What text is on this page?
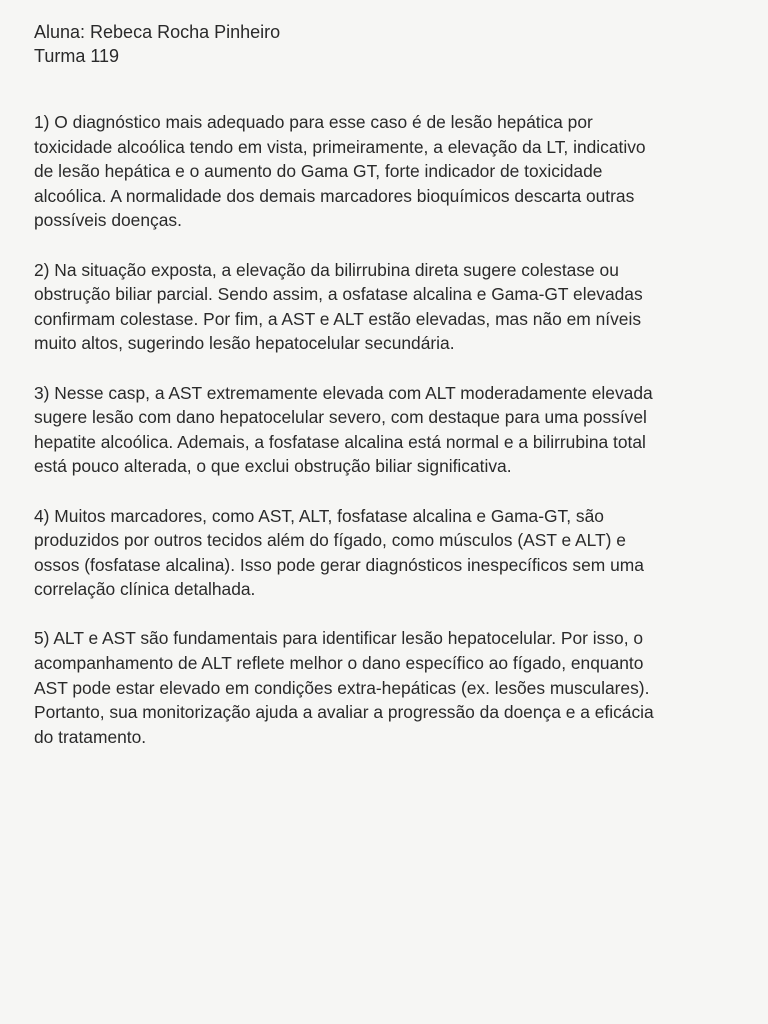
Aluna: Rebeca Rocha Pinheiro
Turma 119

1) O diagnóstico mais adequado para esse caso é de lesão hepática por
toxicidade alcoólica tendo em vista, primeiramente, a elevação da LT, indicativo
de lesão hepática e o aumento do Gama GT, forte indicador de toxicidade
alcoólica. A normalidade dos demais marcadores bioquímicos descarta outras
possíveis doenças.

2) Na situação exposta, a elevação da bilirrubina direta sugere colestase ou
obstrução biliar parcial. Sendo assim, a osfatase alcalina e Gama-GT elevadas
confirmam colestase. Por fim, a AST e ALT estão elevadas, mas não em níveis
muito altos, sugerindo lesão hepatocelular secundária.

3) Nesse casp, a AST extremamente elevada com ALT moderadamente elevada
sugere lesão com dano hepatocelular severo, com destaque para uma possível
hepatite alcoólica. Ademais, a fosfatase alcalina está normal e a bilirrubina total
está pouco alterada, o que exclui obstrução biliar significativa.

4) Muitos marcadores, como AST, ALT, fosfatase alcalina e Gama-GT, são
produzidos por outros tecidos além do fígado, como músculos (AST e ALT) e
ossos (fosfatase alcalina). Isso pode gerar diagnósticos inespecíficos sem uma
correlação clínica detalhada.

5) ALT e AST são fundamentais para identificar lesão hepatocelular. Por isso, o
acompanhamento de ALT reflete melhor o dano específico ao fígado, enquanto
AST pode estar elevado em condições extra-hepáticas (ex. lesões musculares).
Portanto, sua monitorização ajuda a avaliar a progressão da doença e a eficácia
do tratamento.
